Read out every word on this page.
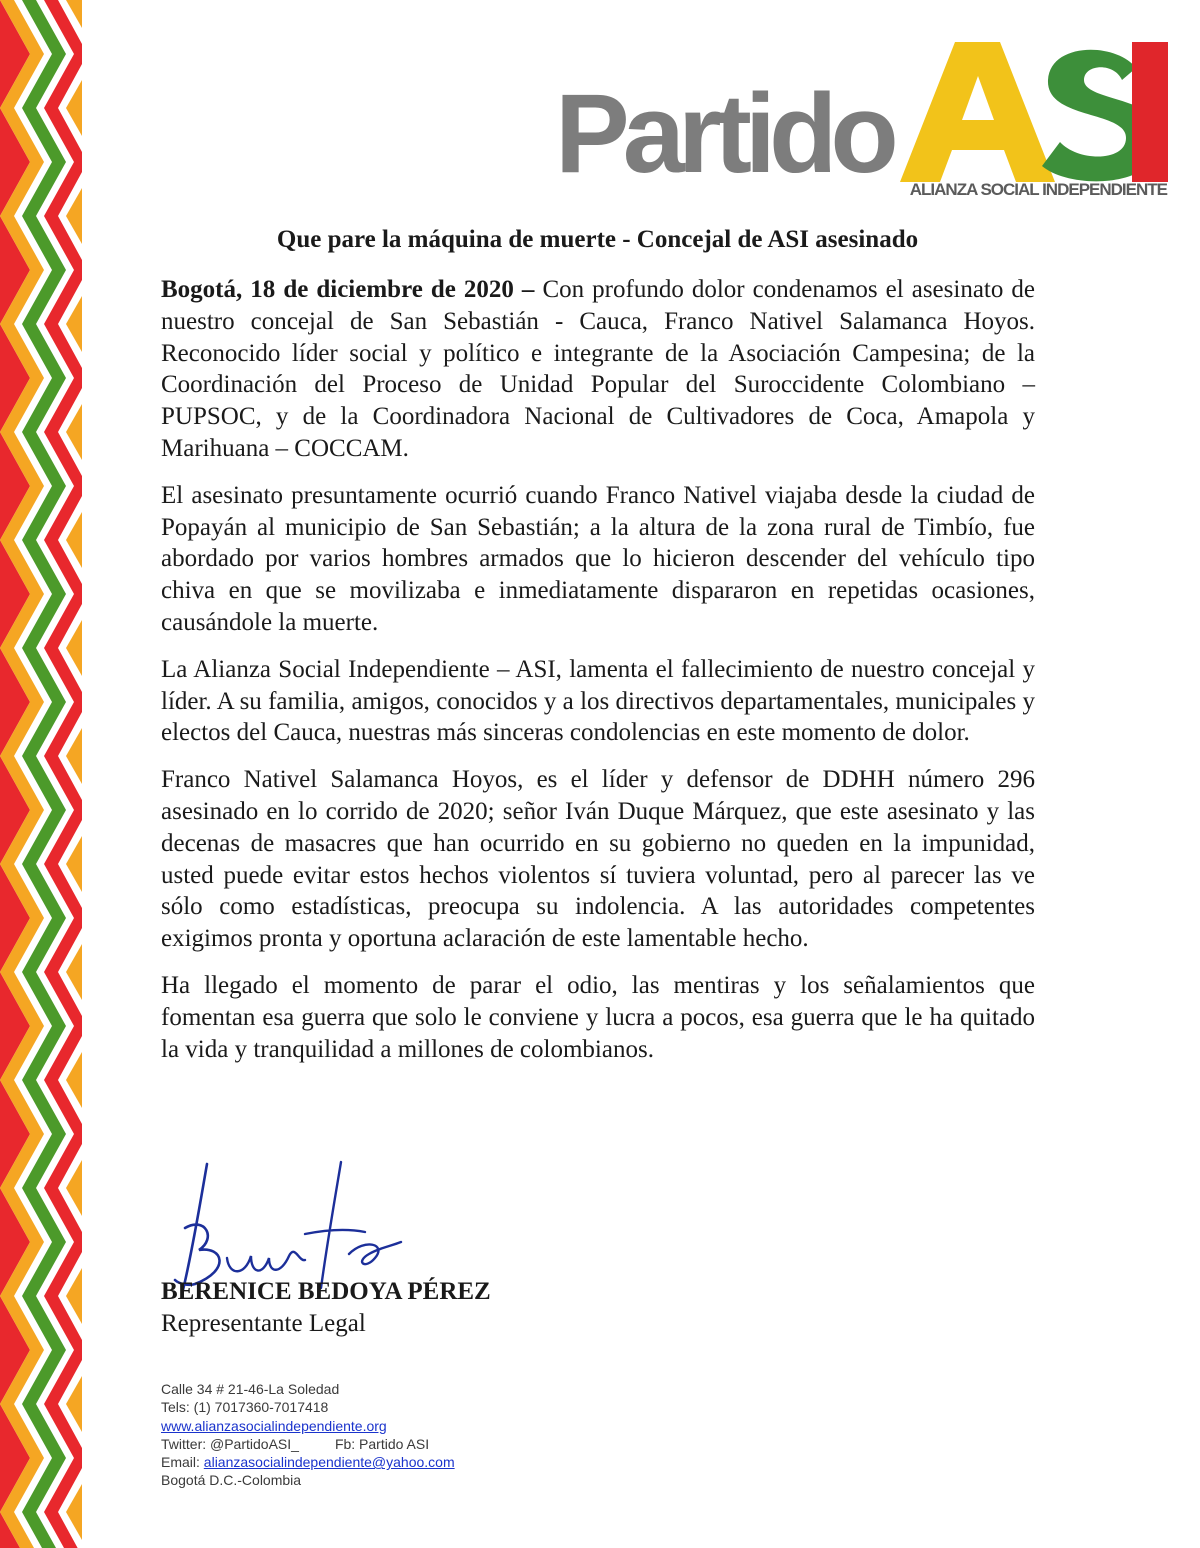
Partido ALIANZA SOCIAL INDEPENDIENTE
Que pare la máquina de muerte - Concejal de ASI asesinado

Bogotá, 18 de diciembre de 2020 – Con profundo dolor condenamos el asesinato de nuestro concejal de San Sebastián - Cauca, Franco Nativel Salamanca Hoyos. Reconocido líder social y político e integrante de la Asociación Campesina; de la Coordinación del Proceso de Unidad Popular del Suroccidente Colombiano – PUPSOC, y de la Coordinadora Nacional de Cultivadores de Coca, Amapola y Marihuana – COCCAM.

El asesinato presuntamente ocurrió cuando Franco Nativel viajaba desde la ciudad de Popayán al municipio de San Sebastián; a la altura de la zona rural de Timbío, fue abordado por varios hombres armados que lo hicieron descender del vehículo tipo chiva en que se movilizaba e inmediatamente dispararon en repetidas ocasiones, causándole la muerte.

La Alianza Social Independiente – ASI, lamenta el fallecimiento de nuestro concejal y líder. A su familia, amigos, conocidos y a los directivos departamentales, municipales y electos del Cauca, nuestras más sinceras condolencias en este momento de dolor.

Franco Nativel Salamanca Hoyos, es el líder y defensor de DDHH número 296 asesinado en lo corrido de 2020; señor Iván Duque Márquez, que este asesinato y las decenas de masacres que han ocurrido en su gobierno no queden en la impunidad, usted puede evitar estos hechos violentos sí tuviera voluntad, pero al parecer las ve sólo como estadísticas, preocupa su indolencia. A las autoridades competentes exigimos pronta y oportuna aclaración de este lamentable hecho.

Ha llegado el momento de parar el odio, las mentiras y los señalamientos que fomentan esa guerra que solo le conviene y lucra a pocos, esa guerra que le ha quitado la vida y tranquilidad a millones de colombianos.

BERENICE BEDOYA PÉREZ
Representante Legal
Calle 34 # 21-46-La Soledad
Tels: (1) 7017360-7017418
www.alianzasocialindependiente.org
Twitter: @PartidoASI_	Fb: Partido ASI
Email: alianzasocialindependiente@yahoo.com
Bogotá D.C.-Colombia
